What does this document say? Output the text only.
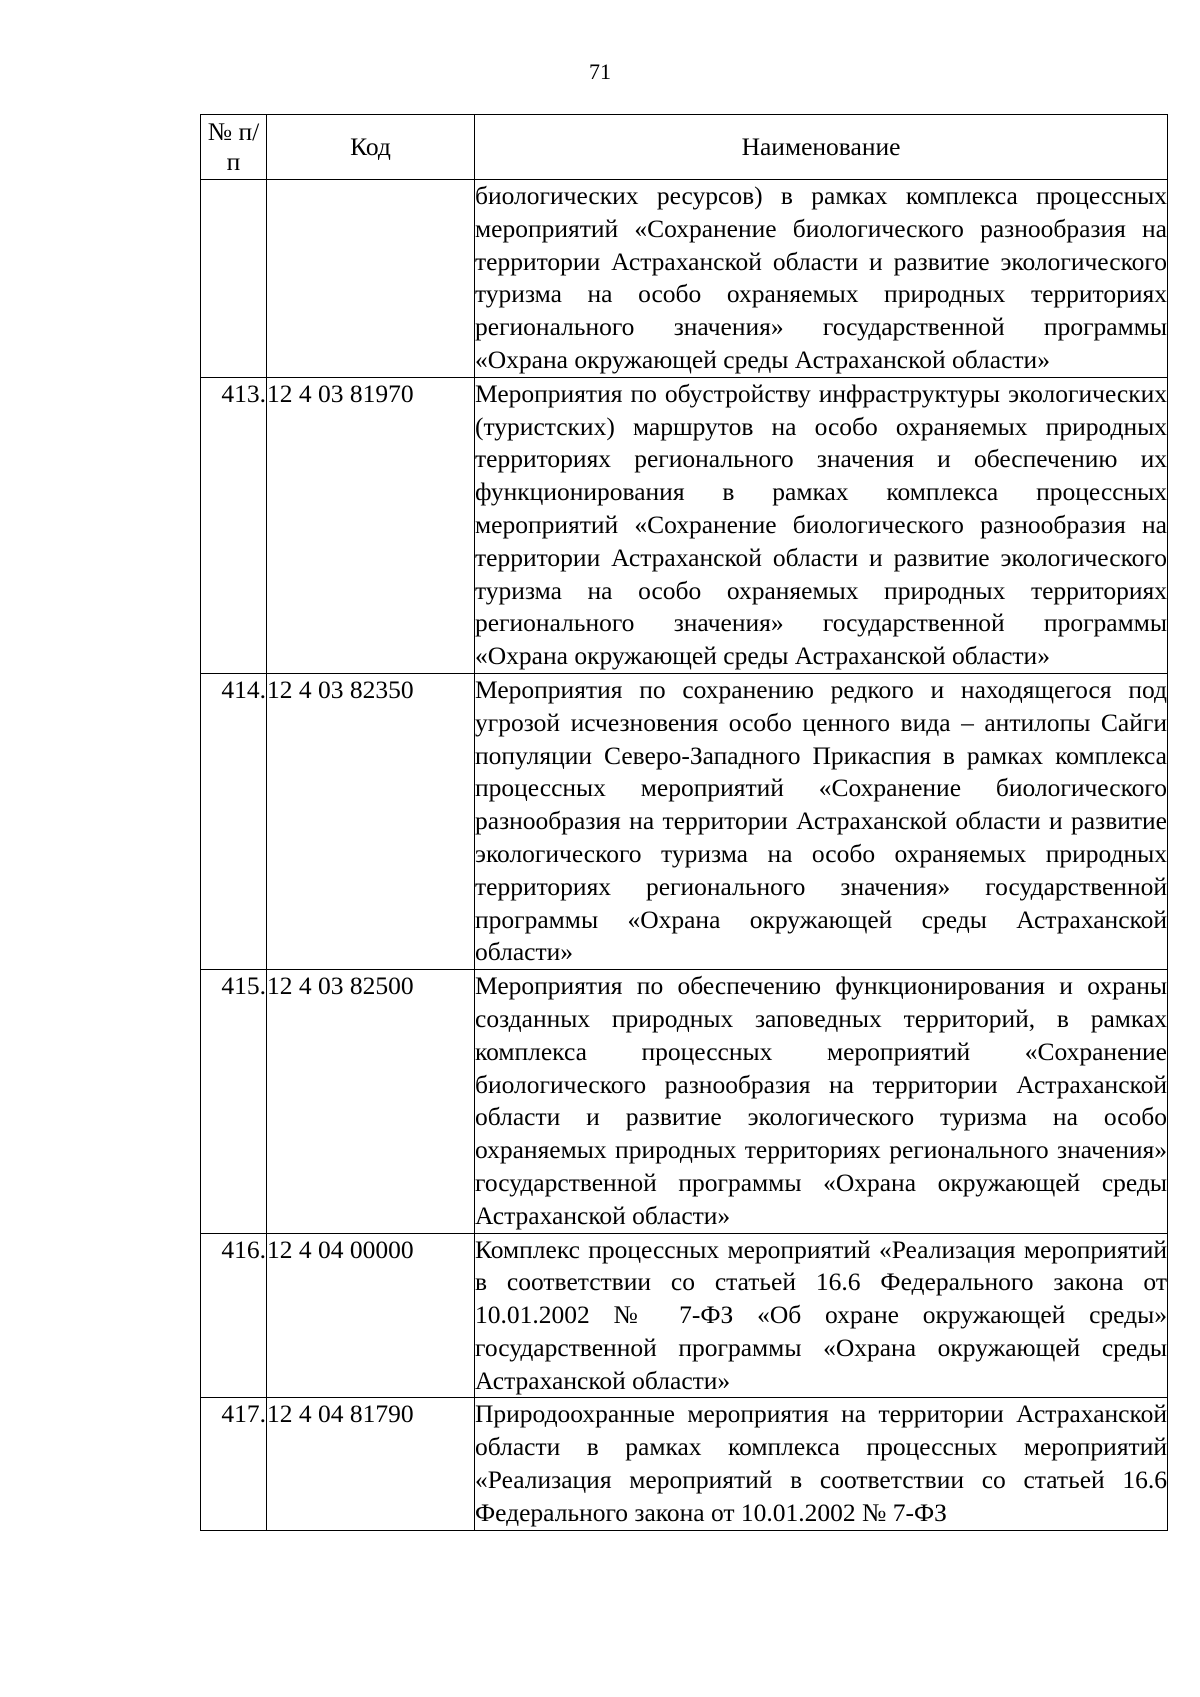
71
№ п/п	Код	Наименование
		биологических ресурсов) в рамках комплекса процессных мероприятий «Сохранение биологического разнообразия на территории Астраханской области и развитие экологического туризма на особо охраняемых природных территориях регионального значения» государственной программы «Охрана окружающей среды Астраханской области»
413.	12 4 03 81970	Мероприятия по обустройству инфраструктуры экологических (туристских) маршрутов на особо охраняемых природных территориях регионального значения и обеспечению их функционирования в рамках комплекса процессных мероприятий «Сохранение биологического разнообразия на территории Астраханской области и развитие экологического туризма на особо охраняемых природных территориях регионального значения» государственной программы «Охрана окружающей среды Астраханской области»
414.	12 4 03 82350	Мероприятия по сохранению редкого и находящегося под угрозой исчезновения особо ценного вида – антилопы Сайги популяции Северо-Западного Прикаспия в рамках комплекса процессных мероприятий «Сохранение биологического разнообразия на территории Астраханской области и развитие экологического туризма на особо охраняемых природных территориях регионального значения» государственной программы «Охрана окружающей среды Астраханской области»
415.	12 4 03 82500	Мероприятия по обеспечению функционирования и охраны созданных природных заповедных территорий, в рамках комплекса процессных мероприятий «Сохранение биологического разнообразия на территории Астраханской области и развитие экологического туризма на особо охраняемых природных территориях регионального значения» государственной программы «Охрана окружающей среды Астраханской области»
416.	12 4 04 00000	Комплекс процессных мероприятий «Реализация мероприятий в соответствии со статьей 16.6 Федерального закона от 10.01.2002 № 7-ФЗ «Об охране окружающей среды» государственной программы «Охрана окружающей среды Астраханской области»
417.	12 4 04 81790	Природоохранные мероприятия на территории Астраханской области в рамках комплекса процессных мероприятий «Реализация мероприятий в соответствии со статьей 16.6 Федерального закона от 10.01.2002 № 7-ФЗ
